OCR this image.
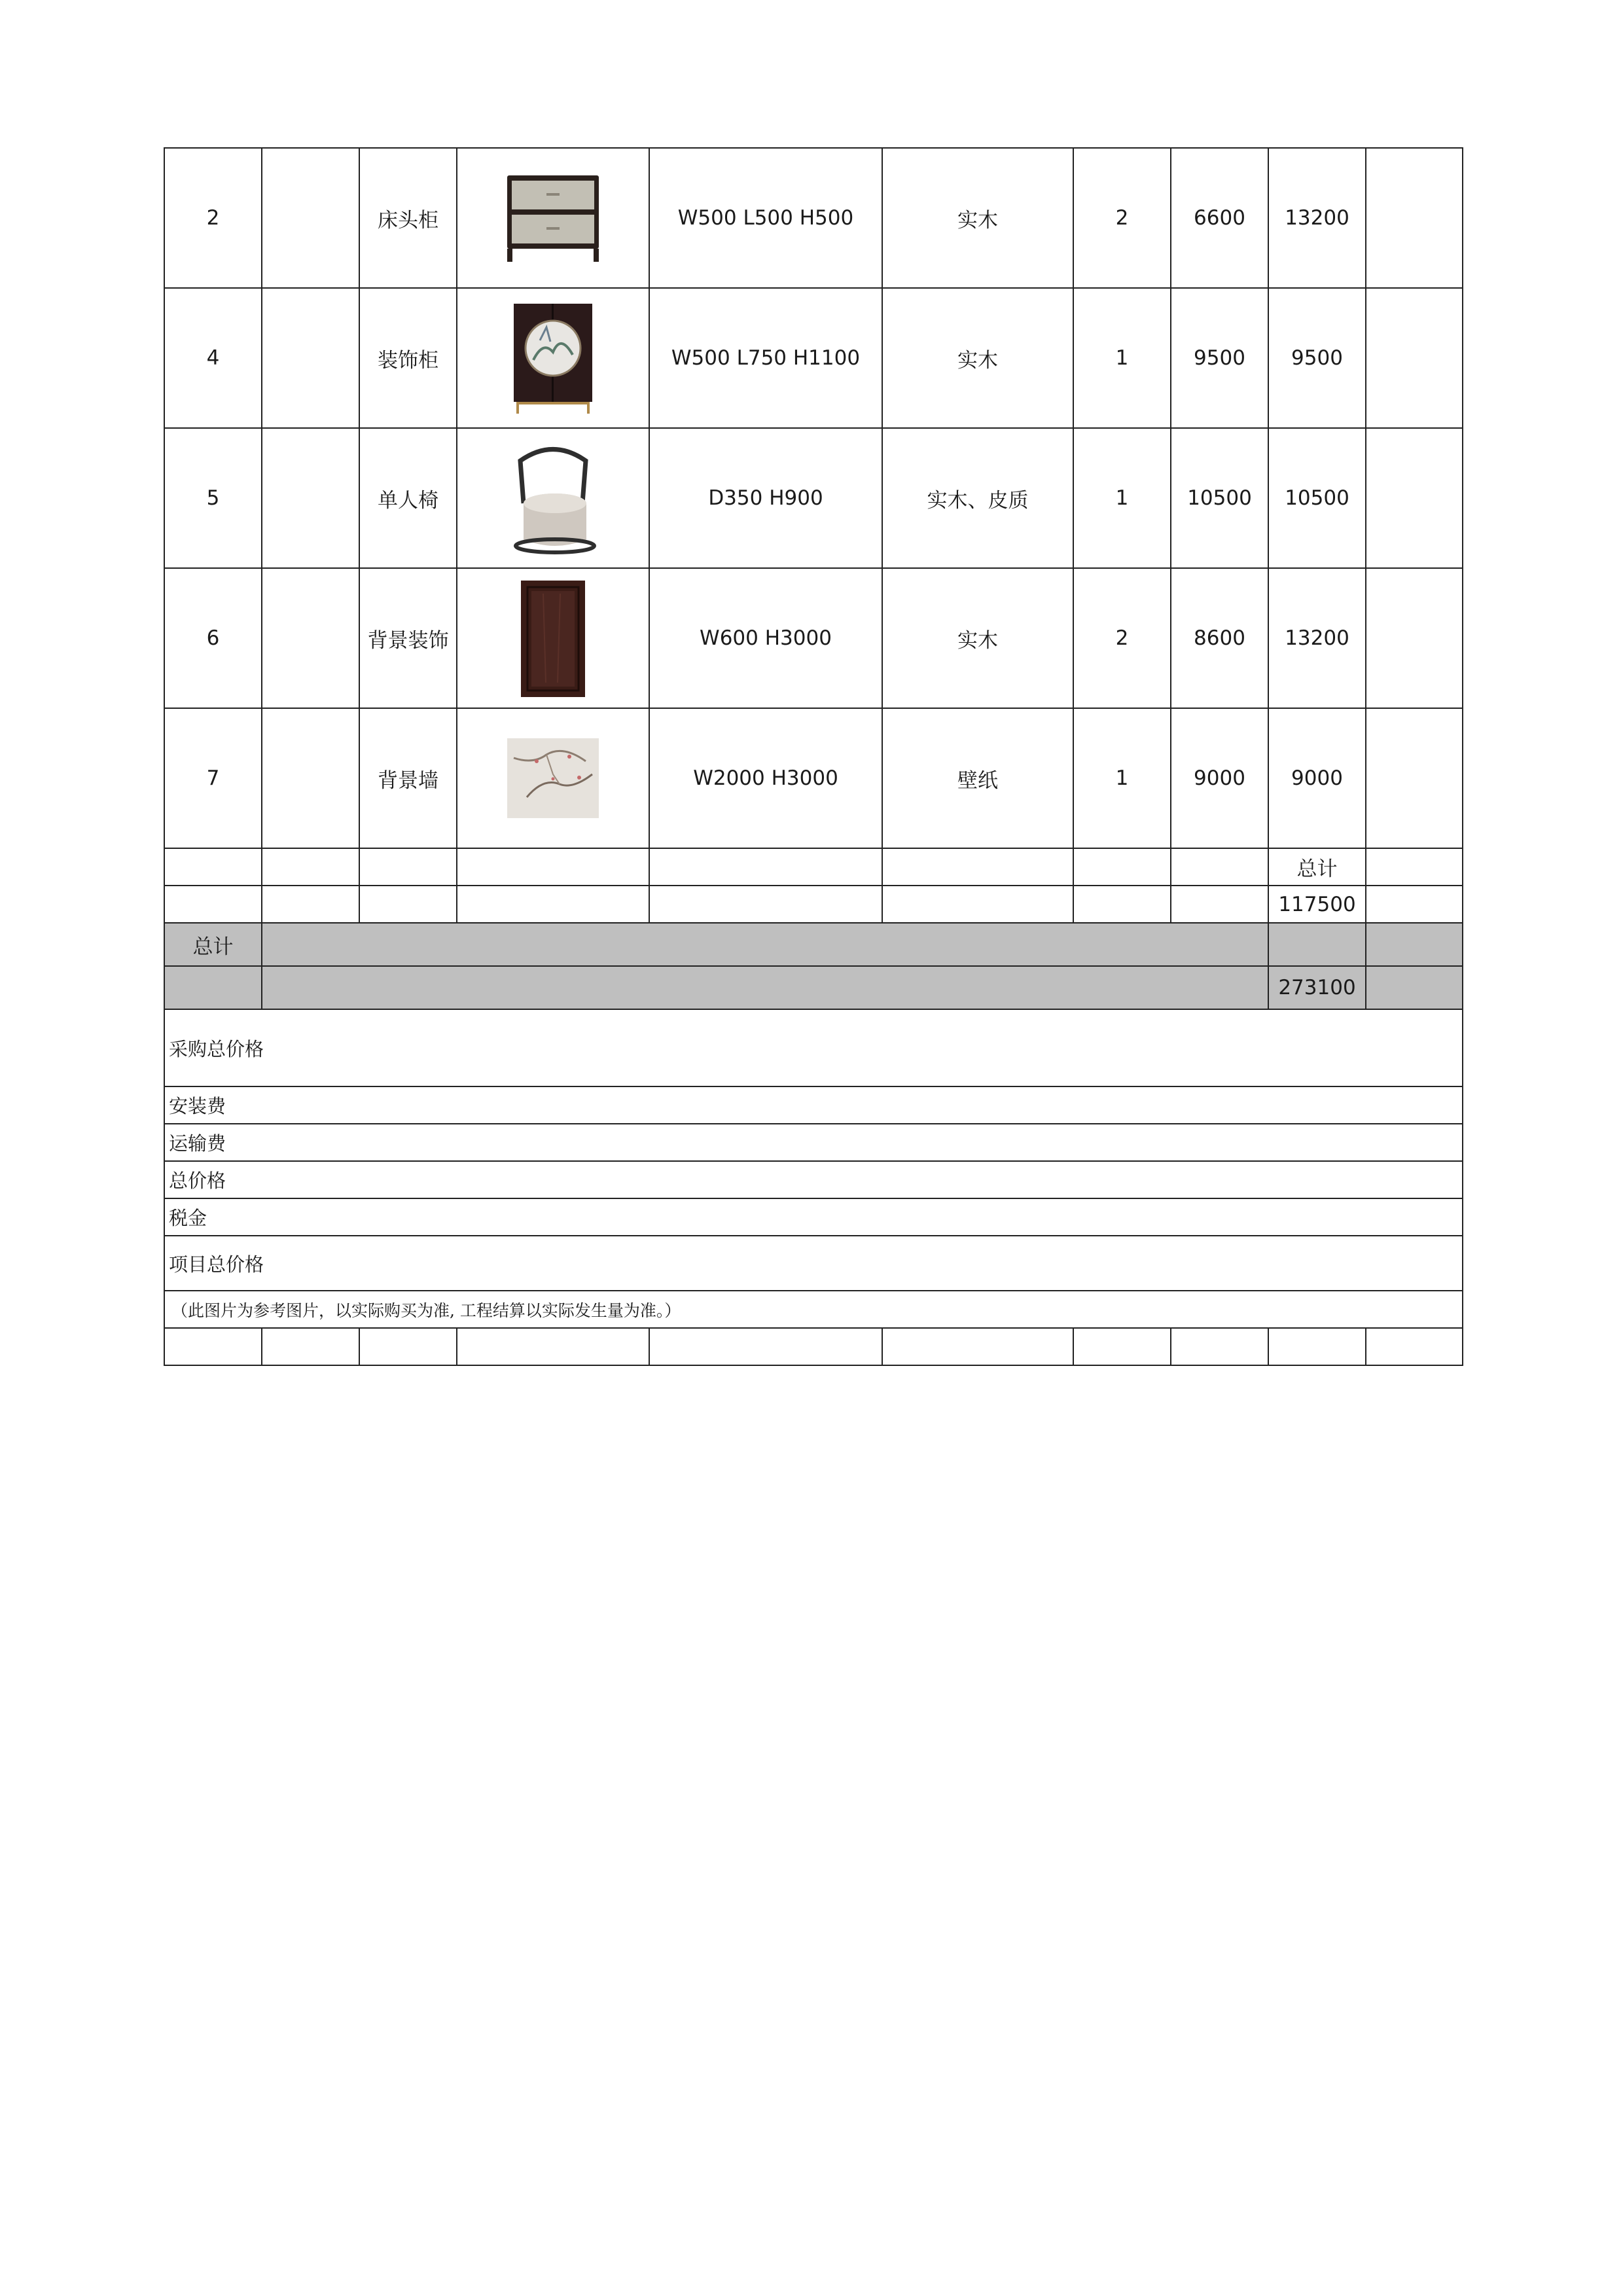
2		床头柜		W500 L500 H500	实木	2	6600	13200	
4		装饰柜		W500 L750 H1100	实木	1	9500	9500	
5		单人椅		D350 H900	实木、皮质	1	10500	10500	
6		背景装饰		W600 H3000	实木	2	8600	13200	
7		背景墙		W2000 H3000	壁纸	1	9000	9000	
								总计	
								117500	
总计									
								273100	
采购总价格									
安装费									
运输费									
总价格									
税金									
项目总价格									
（此图片为参考图片，以实际购买为准, 工程结算以实际发生量为准。）									
